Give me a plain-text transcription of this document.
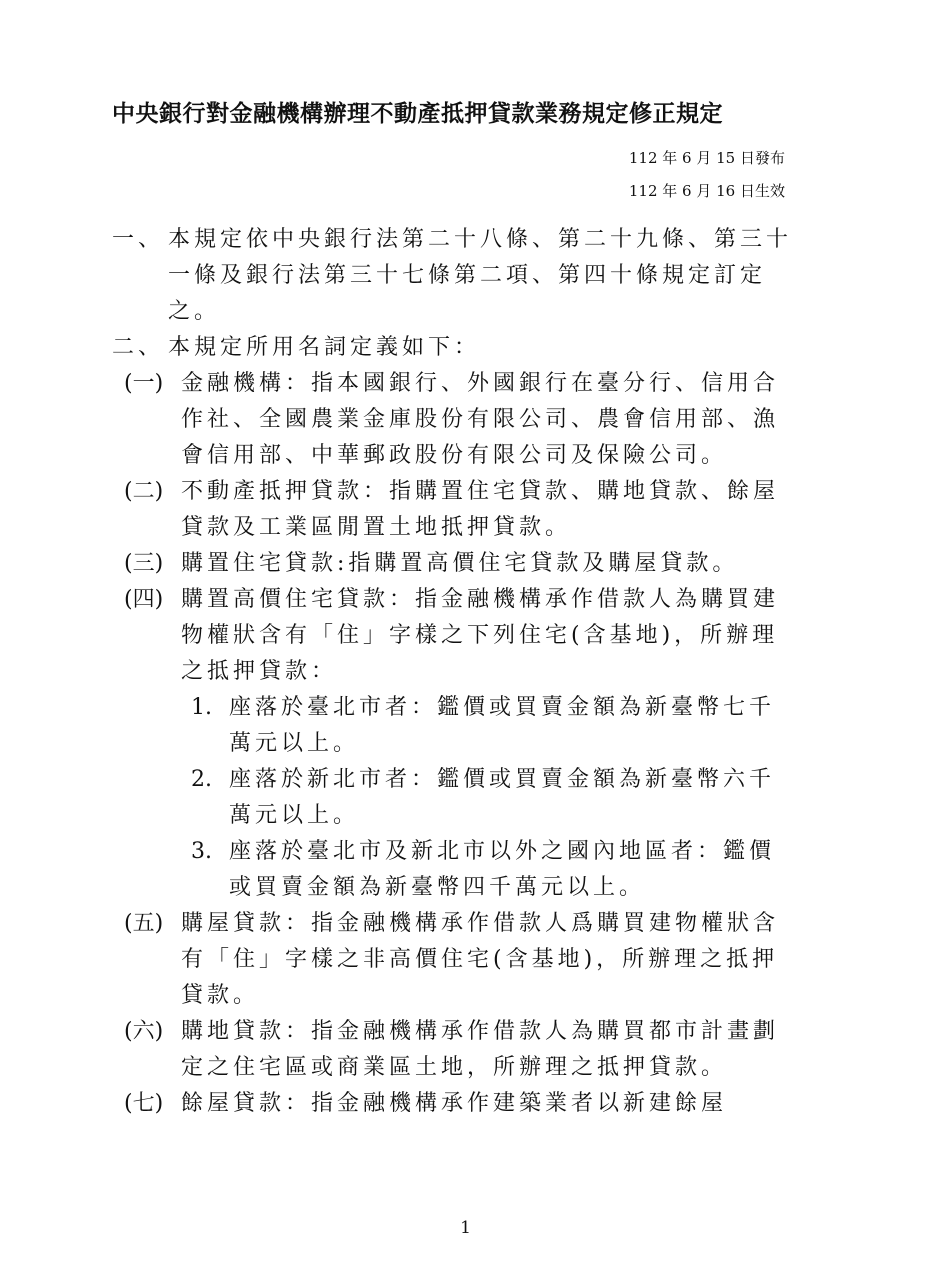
中央銀行對金融機構辦理不動產抵押貸款業務規定修正規定
112 年 6 月 15 日發布
112 年 6 月 16 日生效
一、 本規定依中央銀行法第二十八條、第二十九條、第三十一條及銀行法第三十七條第二項、第四十條規定訂定之。
二、 本規定所用名詞定義如下：
(一) 金融機構：指本國銀行、外國銀行在臺分行、信用合作社、全國農業金庫股份有限公司、農會信用部、漁會信用部、中華郵政股份有限公司及保險公司。
(二) 不動產抵押貸款：指購置住宅貸款、購地貸款、餘屋貸款及工業區閒置土地抵押貸款。
(三) 購置住宅貸款:指購置高價住宅貸款及購屋貸款。
(四) 購置高價住宅貸款：指金融機構承作借款人為購買建物權狀含有「住」字樣之下列住宅(含基地)，所辦理之抵押貸款：
1. 座落於臺北市者：鑑價或買賣金額為新臺幣七千萬元以上。
2. 座落於新北市者：鑑價或買賣金額為新臺幣六千萬元以上。
3. 座落於臺北市及新北市以外之國內地區者：鑑價或買賣金額為新臺幣四千萬元以上。
(五) 購屋貸款：指金融機構承作借款人爲購買建物權狀含有「住」字樣之非高價住宅(含基地)，所辦理之抵押貸款。
(六) 購地貸款：指金融機構承作借款人為購買都市計畫劃定之住宅區或商業區土地，所辦理之抵押貸款。
(七) 餘屋貸款：指金融機構承作建築業者以新建餘屋
1
